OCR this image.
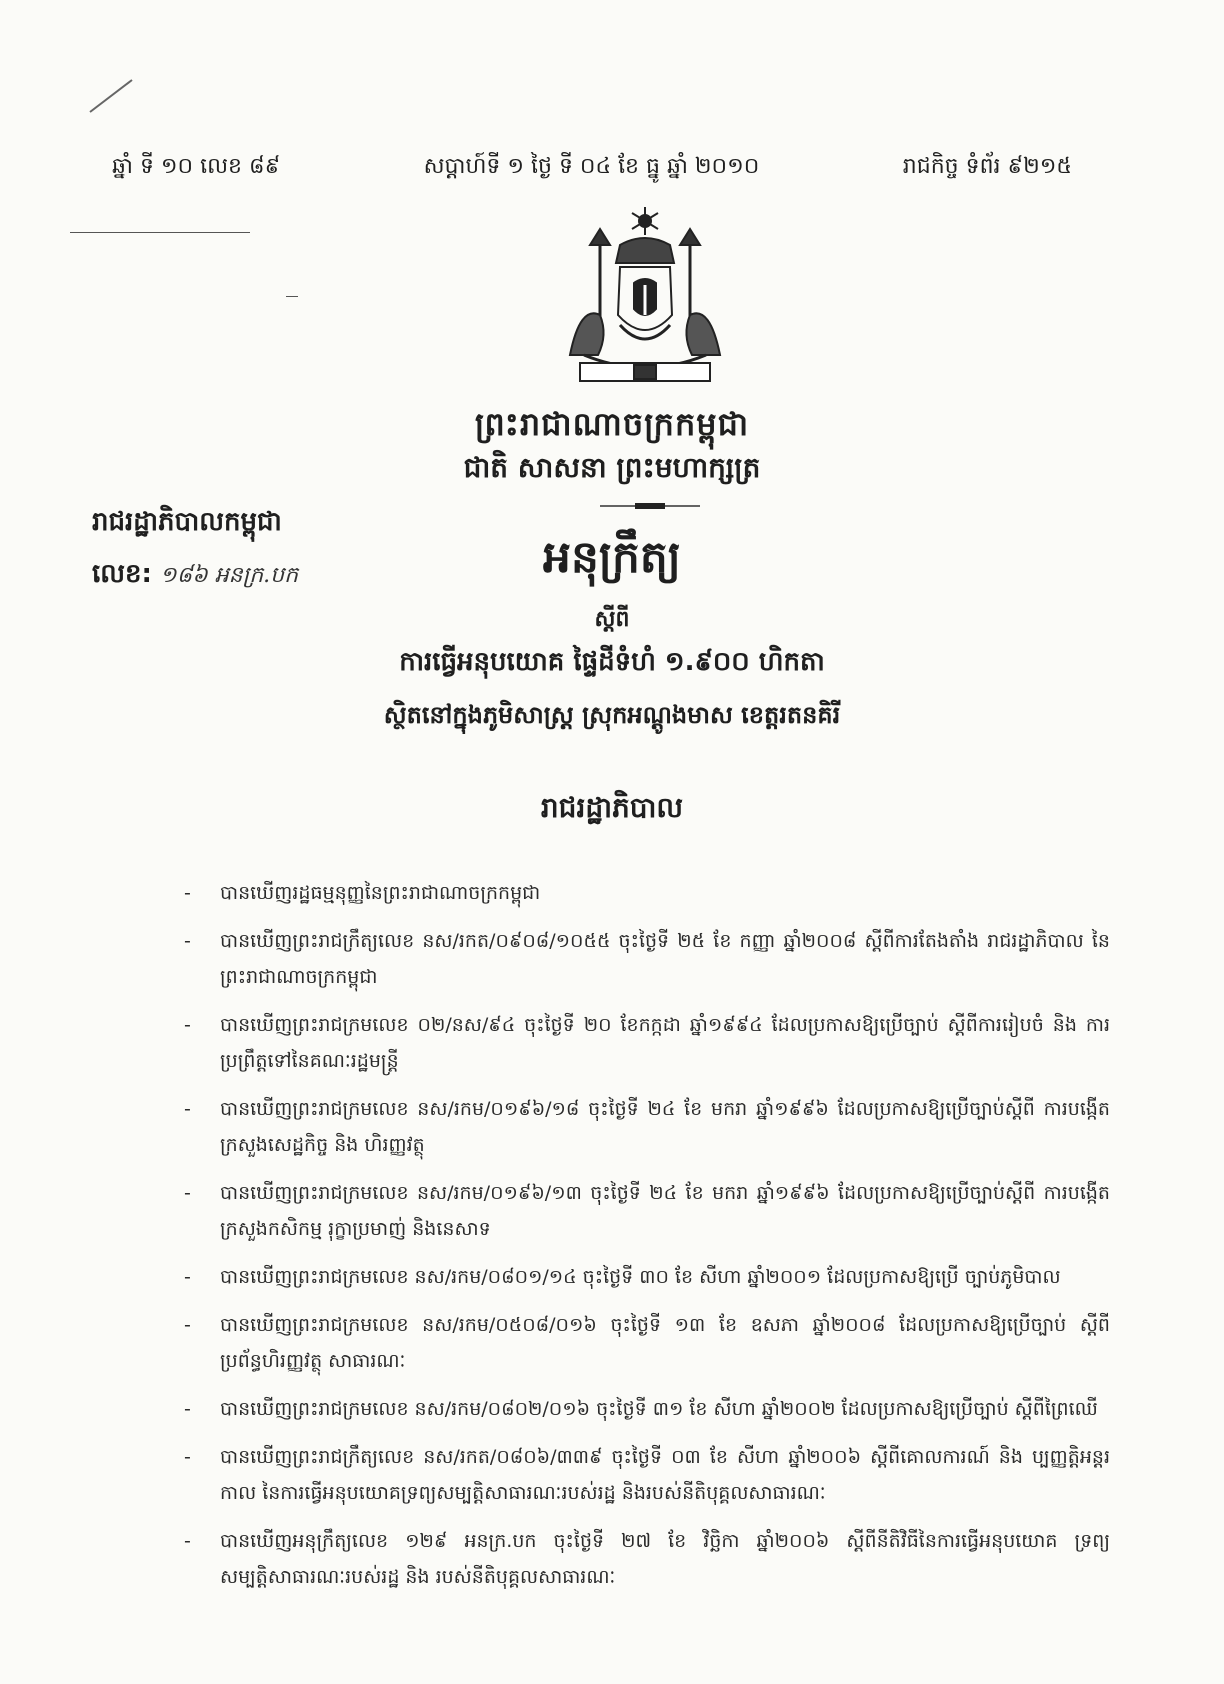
ឆ្នាំ ទី ១០ លេខ ៨៩	សប្តាហ៍ទី ១ ថ្ងៃ ទី ០៤ ខែ ធ្នូ ឆ្នាំ ២០១០	រាជកិច្ច ទំព័រ ៩២១៥
ព្រះរាជាណាចក្រកម្ពុជា
ជាតិ សាសនា ព្រះមហាក្សត្រ
រាជរដ្ឋាភិបាលកម្ពុជា
លេខ: ១៨៦ អនក្រ.បក	អនុក្រឹត្យ
ស្តីពី
ការធ្វើអនុបយោគ ផ្ទៃដីទំហំ ១.៩០០ ហិកតា
ស្ថិតនៅក្នុងភូមិសាស្ត្រ ស្រុកអណ្តូងមាស ខេត្តរតនគិរី
រាជរដ្ឋាភិបាល
- បានឃើញរដ្ឋធម្មនុញ្ញនៃព្រះរាជាណាចក្រកម្ពុជា
- បានឃើញព្រះរាជក្រឹត្យលេខ នស/រកត/០៩០៨/១០៥៥ ចុះថ្ងៃទី ២៥ ខែ កញ្ញា ឆ្នាំ២០០៨ ស្តីពីការតែងតាំង រាជរដ្ឋាភិបាល នៃព្រះរាជាណាចក្រកម្ពុជា
- បានឃើញព្រះរាជក្រមលេខ ០២/នស/៩៤ ចុះថ្ងៃទី ២០ ខែកក្កដា ឆ្នាំ១៩៩៤ ដែលប្រកាសឱ្យប្រើច្បាប់ ស្តីពីការរៀបចំ និង ការប្រព្រឹត្តទៅនៃគណៈរដ្ឋមន្ត្រី
- បានឃើញព្រះរាជក្រមលេខ នស/រកម/០១៩៦/១៨ ចុះថ្ងៃទី ២៤ ខែ មករា ឆ្នាំ១៩៩៦ ដែលប្រកាសឱ្យប្រើច្បាប់ស្តីពី ការបង្កើតក្រសួងសេដ្ឋកិច្ច និង ហិរញ្ញវត្ថុ
- បានឃើញព្រះរាជក្រមលេខ នស/រកម/០១៩៦/១៣ ចុះថ្ងៃទី ២៤ ខែ មករា ឆ្នាំ១៩៩៦ ដែលប្រកាសឱ្យប្រើច្បាប់ស្តីពី ការបង្កើតក្រសួងកសិកម្ម រុក្ខាប្រមាញ់ និងនេសាទ
- បានឃើញព្រះរាជក្រមលេខ នស/រកម/០៨០១/១៤ ចុះថ្ងៃទី ៣០ ខែ សីហា ឆ្នាំ២០០១ ដែលប្រកាសឱ្យប្រើ ច្បាប់ភូមិបាល
- បានឃើញព្រះរាជក្រមលេខ នស/រកម/០៥០៨/០១៦ ចុះថ្ងៃទី ១៣ ខែ ឧសភា ឆ្នាំ២០០៨ ដែលប្រកាសឱ្យប្រើច្បាប់ ស្តីពីប្រព័ន្ធហិរញ្ញវត្ថុ សាធារណៈ
- បានឃើញព្រះរាជក្រមលេខ នស/រកម/០៨០២/០១៦ ចុះថ្ងៃទី ៣១ ខែ សីហា ឆ្នាំ២០០២ ដែលប្រកាសឱ្យប្រើច្បាប់ ស្តីពីព្រៃឈើ
- បានឃើញព្រះរាជក្រឹត្យលេខ នស/រកត/០៨០៦/៣៣៩ ចុះថ្ងៃទី ០៣ ខែ សីហា ឆ្នាំ២០០៦ ស្តីពីគោលការណ៍ និង ប្បញ្ញត្តិអន្តរកាល នៃការធ្វើអនុបយោគទ្រព្យសម្បត្តិសាធារណៈរបស់រដ្ឋ និងរបស់នីតិបុគ្គលសាធារណៈ
- បានឃើញអនុក្រឹត្យលេខ ១២៩ អនក្រ.បក ចុះថ្ងៃទី ២៧ ខែ វិច្ឆិកា ឆ្នាំ២០០៦ ស្តីពីនីតិវិធីនៃការធ្វើអនុបយោគ ទ្រព្យសម្បត្តិសាធារណៈរបស់រដ្ឋ និង របស់នីតិបុគ្គលសាធារណៈ
